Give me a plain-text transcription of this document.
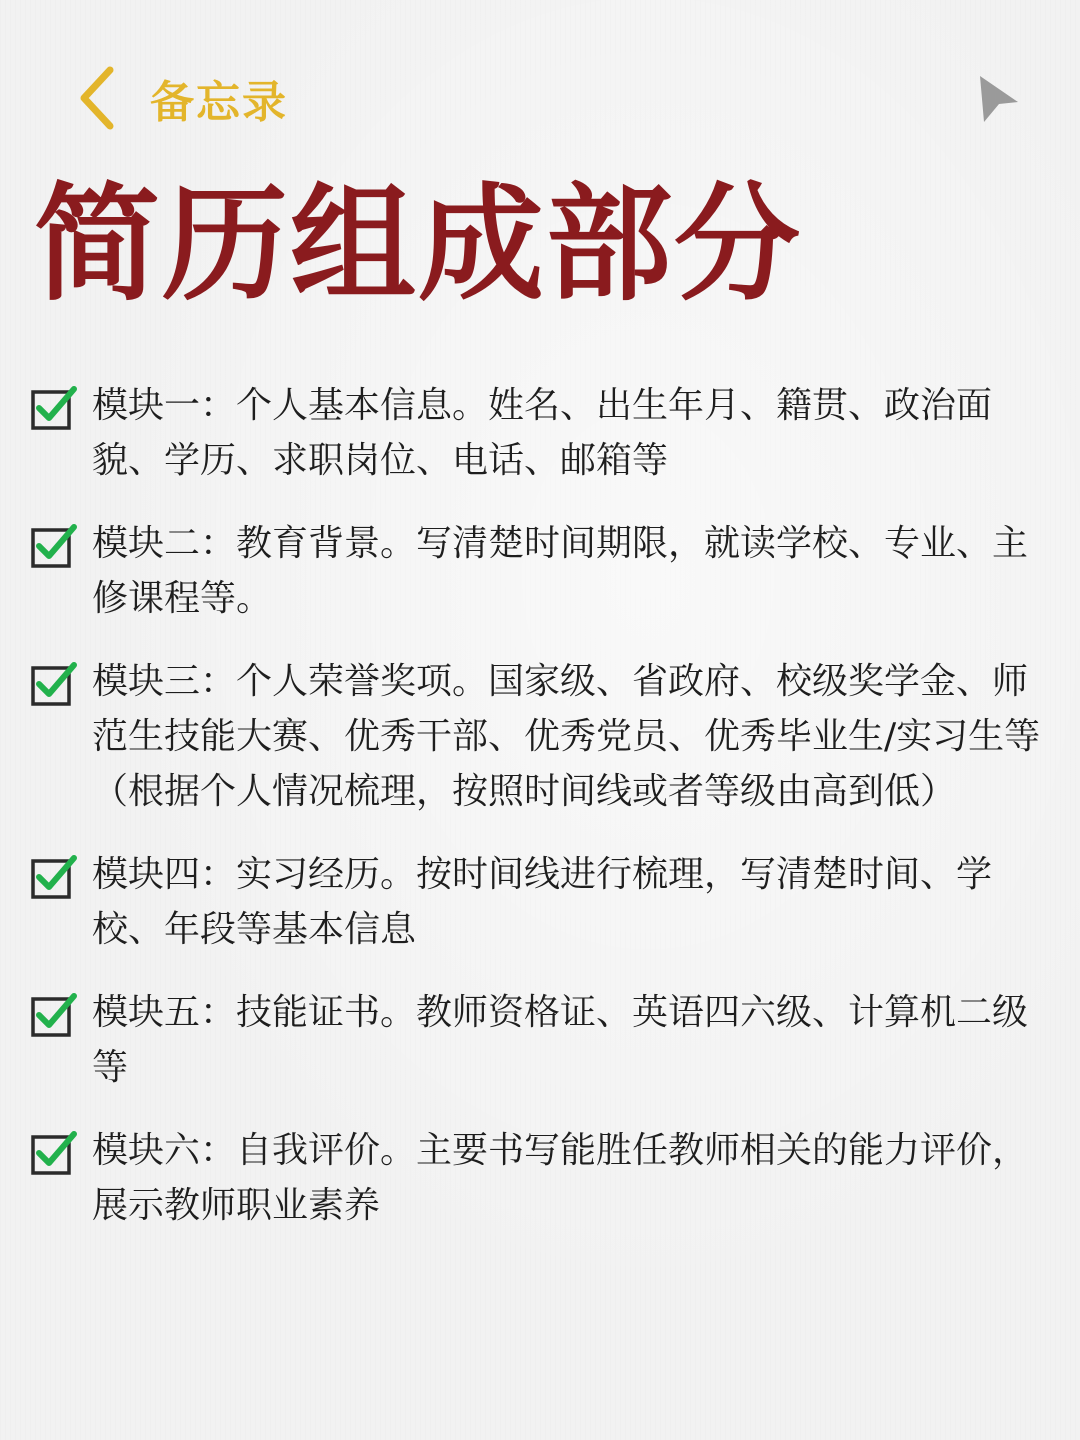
备忘录
简历组成部分
模块一：个人基本信息。姓名、出生年月、籍贯、政治面貌、学历、求职岗位、电话、邮箱等
模块二：教育背景。写清楚时间期限，就读学校、专业、主修课程等。
模块三：个人荣誉奖项。国家级、省政府、校级奖学金、师范生技能大赛、优秀干部、优秀党员、优秀毕业生/实习生等（根据个人情况梳理，按照时间线或者等级由高到低）
模块四：实习经历。按时间线进行梳理，写清楚时间、学校、年段等基本信息
模块五：技能证书。教师资格证、英语四六级、计算机二级等
模块六：自我评价。主要书写能胜任教师相关的能力评价，展示教师职业素养
